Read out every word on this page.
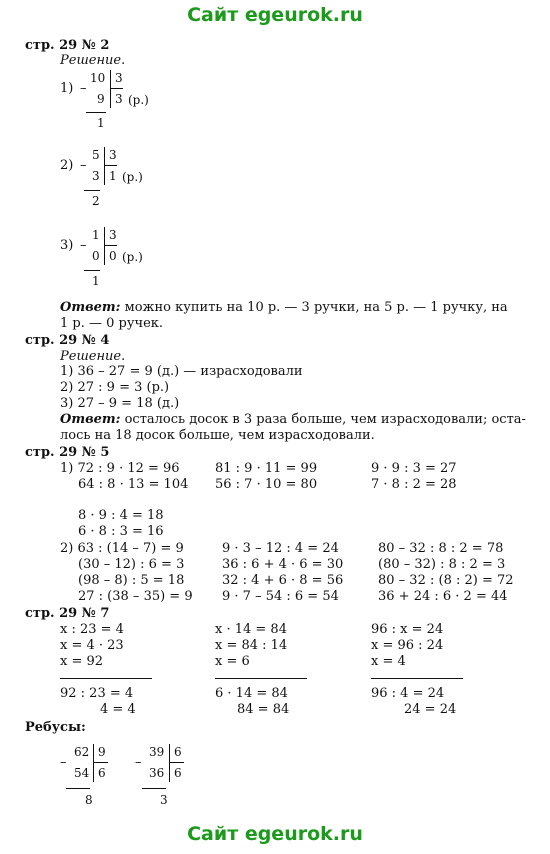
Сайт egeurok.ru
Сайт egeurok.ru
стр. 29 № 2
Решение.
1) –
10
9
3
3 (р.)
1
2) –
5
3
3
1 (р.)
2
3) –
1
0
3
0 (р.)
1
Ответ: можно купить на 10 р. — 3 ручки, на 5 р. — 1 ручку, на
1 р. — 0 ручек.
стр. 29 № 4
Решение.
1) 36 – 27 = 9 (д.) — израсходовали
2) 27 : 9 = 3 (р.)
3) 27 – 9 = 18 (д.)
Ответ: осталось досок в 3 раза больше, чем израсходовали; оста-
лось на 18 досок больше, чем израсходовали.
стр. 29 № 5
1) 72 : 9 · 12 = 96
64 : 8 · 13 = 104
81 : 9 · 11 = 99
56 : 7 · 10 = 80
9 · 9 : 3 = 27
7 · 8 : 2 = 28
8 · 9 : 4 = 18
6 · 8 : 3 = 16
2) 63 : (14 – 7) = 9
(30 – 12) : 6 = 3
(98 – 8) : 5 = 18
27 : (38 – 35) = 9
9 · 3 – 12 : 4 = 24
36 : 6 + 4 · 6 = 30
32 : 4 + 6 · 8 = 56
9 · 7 – 54 : 6 = 54
80 – 32 : 8 : 2 = 78
(80 – 32) : 8 : 2 = 3
80 – 32 : (8 : 2) = 72
36 + 24 : 6 · 2 = 44
стр. 29 № 7
x : 23 = 4
x = 4 · 23
x = 92
92 : 23 = 4
4 = 4
x · 14 = 84
x = 84 : 14
x = 6
6 · 14 = 84
84 = 84
96 : x = 24
x = 96 : 24
x = 4
96 : 4 = 24
24 = 24
Ребусы:
–
62
54
9
6
8
–
39
36
6
6
3
